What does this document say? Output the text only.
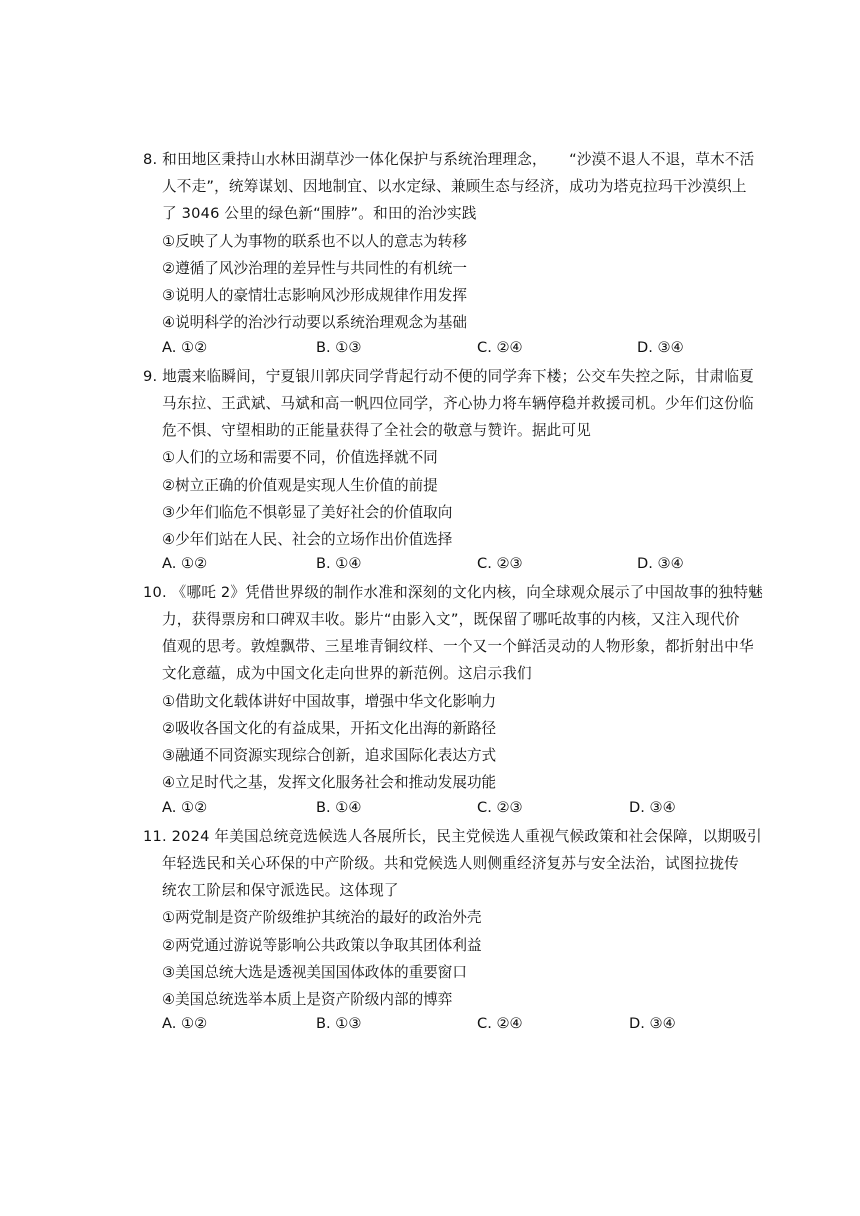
8. 和田地区秉持山水林田湖草沙一体化保护与系统治理理念，　　“沙漠不退人不退，草木不活
人不走”，统筹谋划、因地制宜、以水定绿、兼顾生态与经济，成功为塔克拉玛干沙漠织上
了 3046 公里的绿色新“围脖”。和田的治沙实践
①反映了人为事物的联系也不以人的意志为转移
②遵循了风沙治理的差异性与共同性的有机统一
③说明人的豪情壮志影响风沙形成规律作用发挥
④说明科学的治沙行动要以系统治理观念为基础
A. ①②	B. ①③	C. ②④	D. ③④
9. 地震来临瞬间，宁夏银川郭庆同学背起行动不便的同学奔下楼；公交车失控之际，甘肃临夏
马东拉、王武斌、马斌和高一帆四位同学，齐心协力将车辆停稳并救援司机。少年们这份临
危不惧、守望相助的正能量获得了全社会的敬意与赞许。据此可见
①人们的立场和需要不同，价值选择就不同
②树立正确的价值观是实现人生价值的前提
③少年们临危不惧彰显了美好社会的价值取向
④少年们站在人民、社会的立场作出价值选择
A. ①②	B. ①④	C. ②③	D. ③④
10. 《哪吒 2》凭借世界级的制作水准和深刻的文化内核，向全球观众展示了中国故事的独特魅
力，获得票房和口碑双丰收。影片“由影入文”，既保留了哪吒故事的内核，又注入现代价
值观的思考。敦煌飘带、三星堆青铜纹样、一个又一个鲜活灵动的人物形象，都折射出中华
文化意蕴，成为中国文化走向世界的新范例。这启示我们
①借助文化载体讲好中国故事，增强中华文化影响力
②吸收各国文化的有益成果，开拓文化出海的新路径
③融通不同资源实现综合创新，追求国际化表达方式
④立足时代之基，发挥文化服务社会和推动发展功能
A. ①②	B. ①④	C. ②③	D. ③④
11. 2024 年美国总统竞选候选人各展所长，民主党候选人重视气候政策和社会保障，以期吸引
年轻选民和关心环保的中产阶级。共和党候选人则侧重经济复苏与安全法治，试图拉拢传
统农工阶层和保守派选民。这体现了
①两党制是资产阶级维护其统治的最好的政治外壳
②两党通过游说等影响公共政策以争取其团体利益
③美国总统大选是透视美国国体政体的重要窗口
④美国总统选举本质上是资产阶级内部的博弈
A. ①②	B. ①③	C. ②④	D. ③④
